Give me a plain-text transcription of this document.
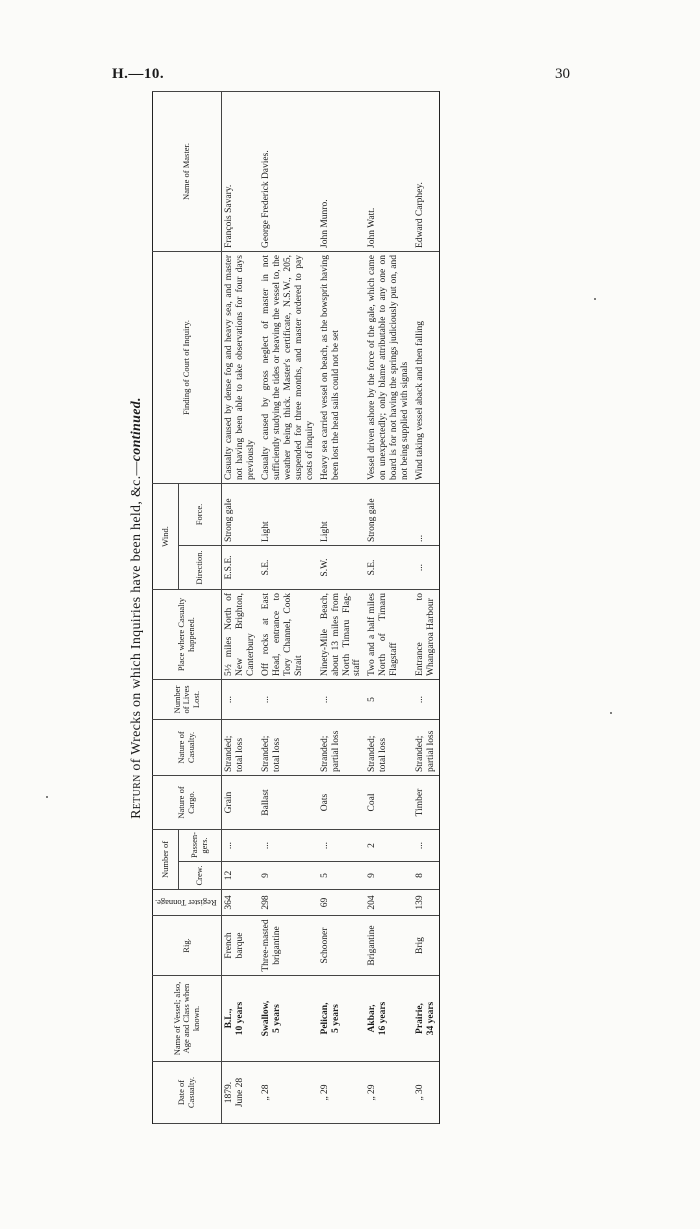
H.—10.	30
Return of Wrecks on which Inquiries have been held, &c.—continued.
Date of Casualty.	Name of Vessel; also, Age and Class when known.	Rig.	Register Tonnage.	Number of		Nature of Cargo.	Nature of Casualty.	Number of Lives Lost.	Place where Casualty happened.	Wind.		Finding of Court of Inquiry.	Name of Master.
				Crew.	Passen-gers.					Direction.	Force.		

1879. June 28	B.L., 10 years	French barque	364	12	...	Grain	Stranded; total loss	...	5½ miles North of New Brighton, Canterbury	E.S.E.	Strong gale	Casualty caused by dense fog and heavy sea, and master not having been able to take observations for four days previously	François Savary.

„ 28	Swallow, 5 years	Three-masted brigantine	298	9	...	Ballast	Stranded; total loss	...	Off rocks at East Head, entrance to Tory Channel, Cook Strait	S.E.	Light	Casualty caused by gross neglect of master in not sufficiently studying the tides or heaving the vessel to, the weather being thick. Master's certificate, N.S.W., 205, suspended for three months, and master ordered to pay costs of inquiry	George Frederick Davies.

„ 29	Pelican, 5 years	Schooner	69	5	...	Oats	Stranded; partial loss	...	Ninety-Mile Beach, about 13 miles from North Timaru Flag-staff	S.W.	Light	Heavy sea carried vessel on beach, as the bowsprit having been lost the head sails could not be set	John Munro.

„ 29	Akbar, 16 years	Brigantine	204	9	2	Coal	Stranded; total loss	5	Two and a half miles North of Timaru Flagstaff	S.E.	Strong gale	Vessel driven ashore by the force of the gale, which came on unexpectedly; only blame attributable to any one on board is for not having the springs judiciously put on, and not being supplied with signals	John Watt.

„ 30	Prairie, 34 years	Brig	139	8	...	Timber	Stranded; partial loss	...	Entrance to Whangaroa Harbour	...	...	Wind taking vessel aback and then falling	Edward Carphey.
